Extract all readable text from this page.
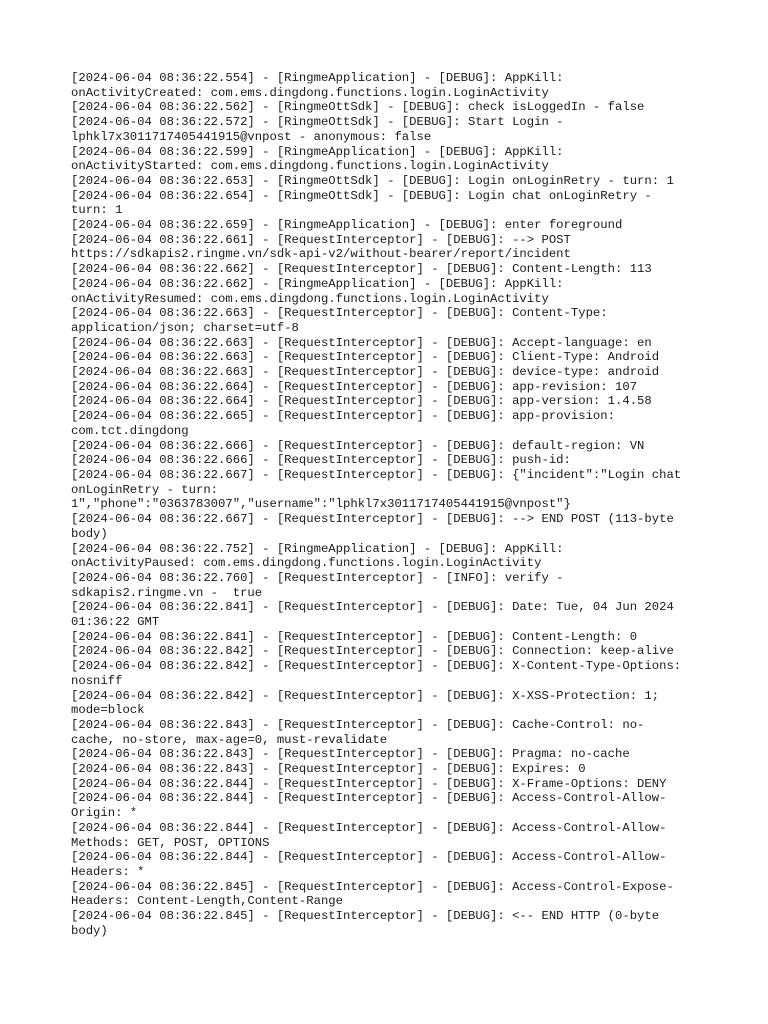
[2024-06-04 08:36:22.554] - [RingmeApplication] - [DEBUG]: AppKill:
onActivityCreated: com.ems.dingdong.functions.login.LoginActivity
[2024-06-04 08:36:22.562] - [RingmeOttSdk] - [DEBUG]: check isLoggedIn - false
[2024-06-04 08:36:22.572] - [RingmeOttSdk] - [DEBUG]: Start Login -
lphkl7x3011717405441915@vnpost - anonymous: false
[2024-06-04 08:36:22.599] - [RingmeApplication] - [DEBUG]: AppKill:
onActivityStarted: com.ems.dingdong.functions.login.LoginActivity
[2024-06-04 08:36:22.653] - [RingmeOttSdk] - [DEBUG]: Login onLoginRetry - turn: 1
[2024-06-04 08:36:22.654] - [RingmeOttSdk] - [DEBUG]: Login chat onLoginRetry -
turn: 1
[2024-06-04 08:36:22.659] - [RingmeApplication] - [DEBUG]: enter foreground
[2024-06-04 08:36:22.661] - [RequestInterceptor] - [DEBUG]: --> POST
https://sdkapis2.ringme.vn/sdk-api-v2/without-bearer/report/incident
[2024-06-04 08:36:22.662] - [RequestInterceptor] - [DEBUG]: Content-Length: 113
[2024-06-04 08:36:22.662] - [RingmeApplication] - [DEBUG]: AppKill:
onActivityResumed: com.ems.dingdong.functions.login.LoginActivity
[2024-06-04 08:36:22.663] - [RequestInterceptor] - [DEBUG]: Content-Type:
application/json; charset=utf-8
[2024-06-04 08:36:22.663] - [RequestInterceptor] - [DEBUG]: Accept-language: en
[2024-06-04 08:36:22.663] - [RequestInterceptor] - [DEBUG]: Client-Type: Android
[2024-06-04 08:36:22.663] - [RequestInterceptor] - [DEBUG]: device-type: android
[2024-06-04 08:36:22.664] - [RequestInterceptor] - [DEBUG]: app-revision: 107
[2024-06-04 08:36:22.664] - [RequestInterceptor] - [DEBUG]: app-version: 1.4.58
[2024-06-04 08:36:22.665] - [RequestInterceptor] - [DEBUG]: app-provision:
com.tct.dingdong
[2024-06-04 08:36:22.666] - [RequestInterceptor] - [DEBUG]: default-region: VN
[2024-06-04 08:36:22.666] - [RequestInterceptor] - [DEBUG]: push-id:
[2024-06-04 08:36:22.667] - [RequestInterceptor] - [DEBUG]: {"incident":"Login chat
onLoginRetry - turn:
1","phone":"0363783007","username":"lphkl7x3011717405441915@vnpost"}
[2024-06-04 08:36:22.667] - [RequestInterceptor] - [DEBUG]: --> END POST (113-byte
body)
[2024-06-04 08:36:22.752] - [RingmeApplication] - [DEBUG]: AppKill:
onActivityPaused: com.ems.dingdong.functions.login.LoginActivity
[2024-06-04 08:36:22.760] - [RequestInterceptor] - [INFO]: verify -
sdkapis2.ringme.vn -  true
[2024-06-04 08:36:22.841] - [RequestInterceptor] - [DEBUG]: Date: Tue, 04 Jun 2024
01:36:22 GMT
[2024-06-04 08:36:22.841] - [RequestInterceptor] - [DEBUG]: Content-Length: 0
[2024-06-04 08:36:22.842] - [RequestInterceptor] - [DEBUG]: Connection: keep-alive
[2024-06-04 08:36:22.842] - [RequestInterceptor] - [DEBUG]: X-Content-Type-Options:
nosniff
[2024-06-04 08:36:22.842] - [RequestInterceptor] - [DEBUG]: X-XSS-Protection: 1;
mode=block
[2024-06-04 08:36:22.843] - [RequestInterceptor] - [DEBUG]: Cache-Control: no-
cache, no-store, max-age=0, must-revalidate
[2024-06-04 08:36:22.843] - [RequestInterceptor] - [DEBUG]: Pragma: no-cache
[2024-06-04 08:36:22.843] - [RequestInterceptor] - [DEBUG]: Expires: 0
[2024-06-04 08:36:22.844] - [RequestInterceptor] - [DEBUG]: X-Frame-Options: DENY
[2024-06-04 08:36:22.844] - [RequestInterceptor] - [DEBUG]: Access-Control-Allow-
Origin: *
[2024-06-04 08:36:22.844] - [RequestInterceptor] - [DEBUG]: Access-Control-Allow-
Methods: GET, POST, OPTIONS
[2024-06-04 08:36:22.844] - [RequestInterceptor] - [DEBUG]: Access-Control-Allow-
Headers: *
[2024-06-04 08:36:22.845] - [RequestInterceptor] - [DEBUG]: Access-Control-Expose-
Headers: Content-Length,Content-Range
[2024-06-04 08:36:22.845] - [RequestInterceptor] - [DEBUG]: <-- END HTTP (0-byte
body)
